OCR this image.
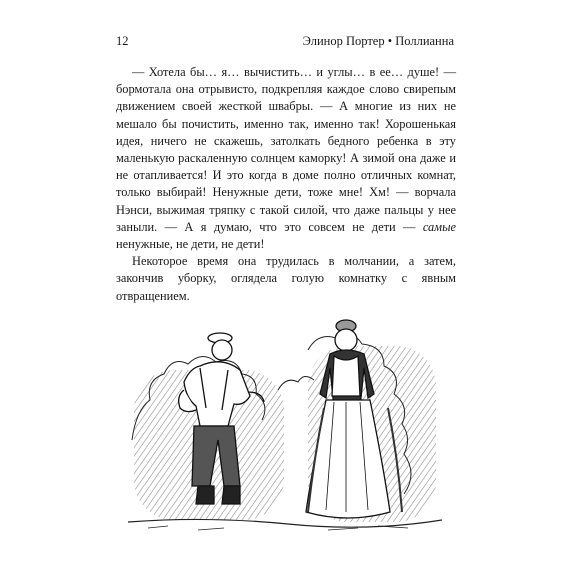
12	Элинор Портер • Поллианна

— Хотела бы… я… вычистить… и углы… в ее… душе! — бормотала она отрывисто, подкрепляя каждое слово свирепым движением своей жесткой швабры. — А многие из них не мешало бы почистить, именно так, именно так! Хорошенькая идея, ничего не скажешь, затолкать бедного ребенка в эту маленькую раскаленную солнцем каморку! А зимой она даже и не отапливается! И это когда в доме полно отличных комнат, только выбирай! Ненужные дети, тоже мне! Хм! — ворчала Нэнси, выжимая тряпку с такой силой, что даже пальцы у нее заныли. — А я думаю, что это совсем не дети — самые ненужные, не дети, не дети!

Некоторое время она трудилась в молчании, а затем, закончив уборку, оглядела голую комнатку с явным отвращением.
